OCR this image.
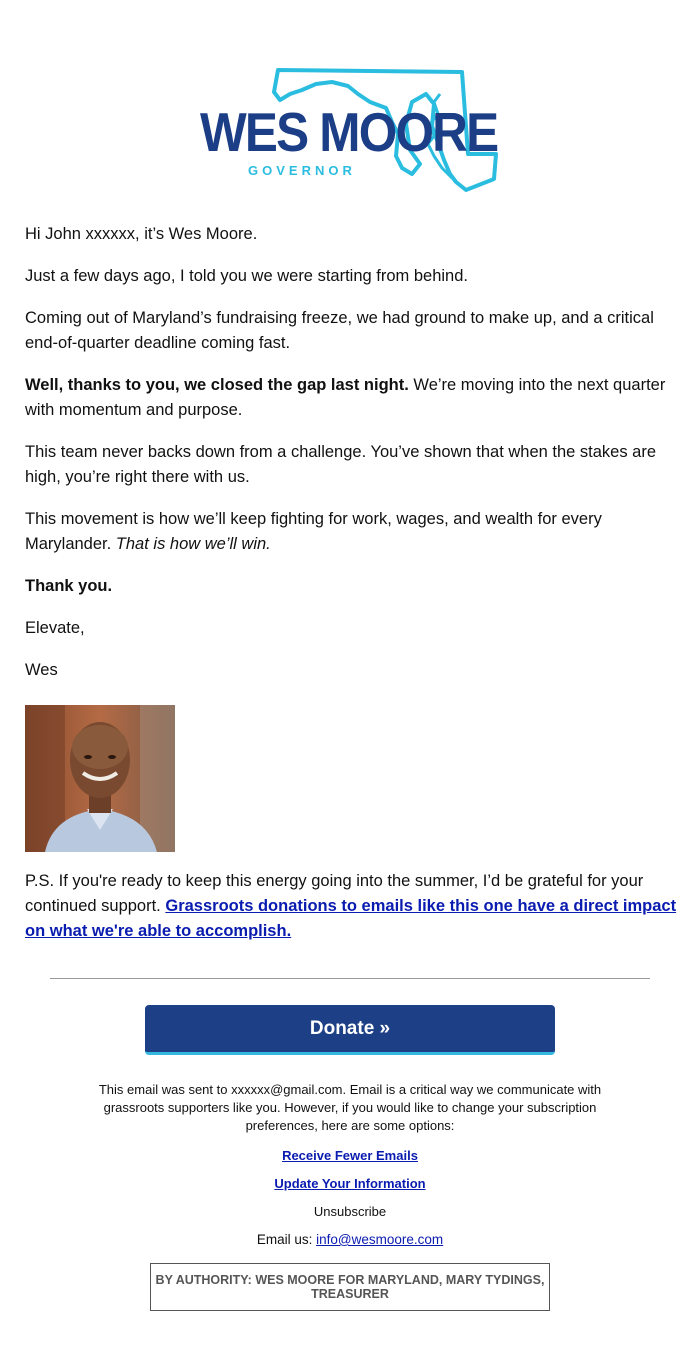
WES MOORE
GOVERNOR

Hi John xxxxxx, it’s Wes Moore.

Just a few days ago, I told you we were starting from behind.

Coming out of Maryland’s fundraising freeze, we had ground to make up, and a critical end-of-quarter deadline coming fast.

Well, thanks to you, we closed the gap last night. We’re moving into the next quarter with momentum and purpose.

This team never backs down from a challenge. You’ve shown that when the stakes are high, you’re right there with us.

This movement is how we’ll keep fighting for work, wages, and wealth for every Marylander. That is how we’ll win.

Thank you.

Elevate,

Wes

P.S. If you're ready to keep this energy going into the summer, I’d be grateful for your continued support. Grassroots donations to emails like this one have a direct impact on what we're able to accomplish.

Donate »
This email was sent to xxxxxx@gmail.com. Email is a critical way we communicate with grassroots supporters like you. However, if you would like to change your subscription preferences, here are some options:
Receive Fewer Emails
Update Your Information
Unsubscribe
Email us: info@wesmoore.com
BY AUTHORITY: WES MOORE FOR MARYLAND, MARY TYDINGS, TREASURER
